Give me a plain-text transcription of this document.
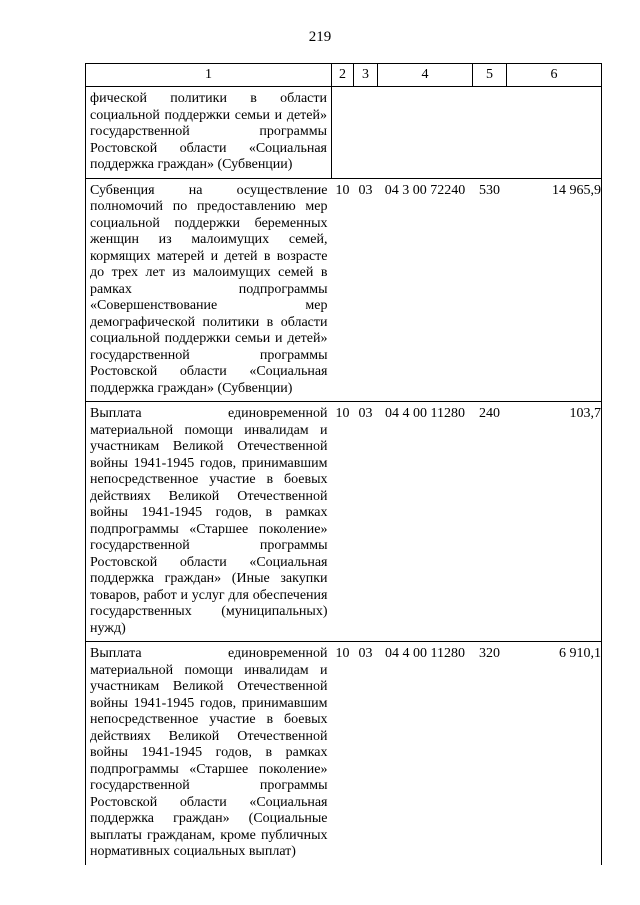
219
1	2	3	4	5	6
фической политики в области социальной поддержки семьи и детей» государственной программы Ростовской области «Социальная поддержка граждан» (Субвенции)					
Субвенция на осуществление полномочий по предоставлению мер социальной поддержки беременных женщин из малоимущих семей, кормящих матерей и детей в возрасте до трех лет из малоимущих семей в рамках подпрограммы «Совершенствование мер демографической политики в области социальной поддержки семьи и детей» государственной программы Ростовской области «Социальная поддержка граждан» (Субвенции)	10	03	04 3 00 72240	530	14 965,9
Выплата единовременной материальной помощи инвалидам и участникам Великой Отечественной войны 1941-1945 годов, принимавшим непосредственное участие в боевых действиях Великой Отечественной войны 1941-1945 годов, в рамках подпрограммы «Старшее поколение» государственной программы Ростовской области «Социальная поддержка граждан» (Иные закупки товаров, работ и услуг для обеспечения государственных (муниципальных) нужд)	10	03	04 4 00 11280	240	103,7
Выплата единовременной материальной помощи инвалидам и участникам Великой Отечественной войны 1941-1945 годов, принимавшим непосредственное участие в боевых действиях Великой Отечественной войны 1941-1945 годов, в рамках подпрограммы «Старшее поколение» государственной программы Ростовской области «Социальная поддержка граждан» (Социальные выплаты гражданам, кроме публичных нормативных социальных выплат)	10	03	04 4 00 11280	320	6 910,1
